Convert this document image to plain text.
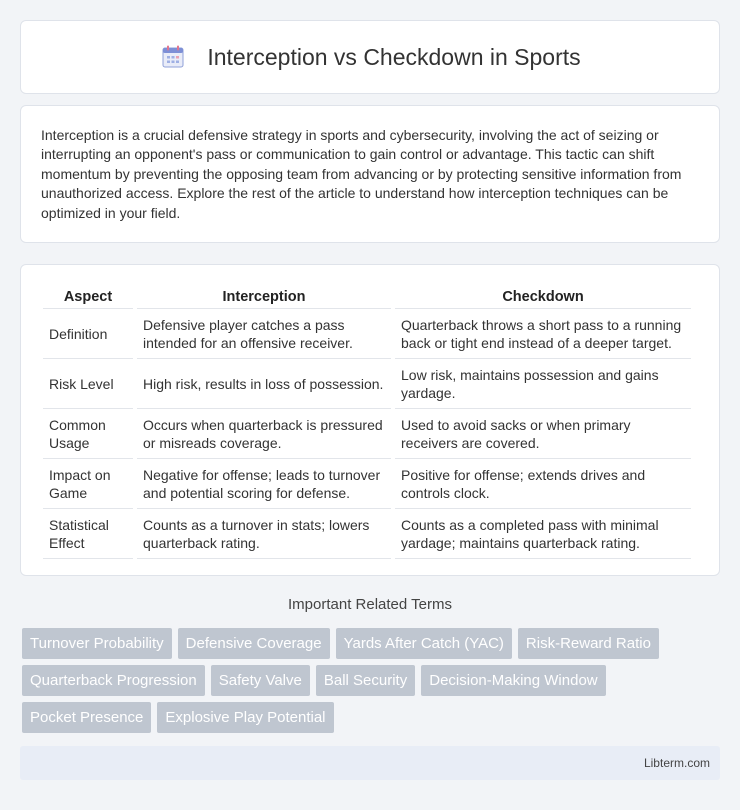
Interception vs Checkdown in Sports

Interception is a crucial defensive strategy in sports and cybersecurity, involving the act of seizing or interrupting an opponent's pass or communication to gain control or advantage. This tactic can shift momentum by preventing the opposing team from advancing or by protecting sensitive information from unauthorized access. Explore the rest of the article to understand how interception techniques can be optimized in your field.

Aspect	Interception	Checkdown
Definition	Defensive player catches a pass intended for an offensive receiver.	Quarterback throws a short pass to a running back or tight end instead of a deeper target.
Risk Level	High risk, results in loss of possession.	Low risk, maintains possession and gains yardage.
Common Usage	Occurs when quarterback is pressured or misreads coverage.	Used to avoid sacks or when primary receivers are covered.
Impact on Game	Negative for offense; leads to turnover and potential scoring for defense.	Positive for offense; extends drives and controls clock.
Statistical Effect	Counts as a turnover in stats; lowers quarterback rating.	Counts as a completed pass with minimal yardage; maintains quarterback rating.
Important Related Terms
Turnover Probability	Defensive Coverage	Yards After Catch (YAC)	Risk-Reward Ratio
Quarterback Progression	Safety Valve	Ball Security	Decision-Making Window
Pocket Presence	Explosive Play Potential
Libterm.com
